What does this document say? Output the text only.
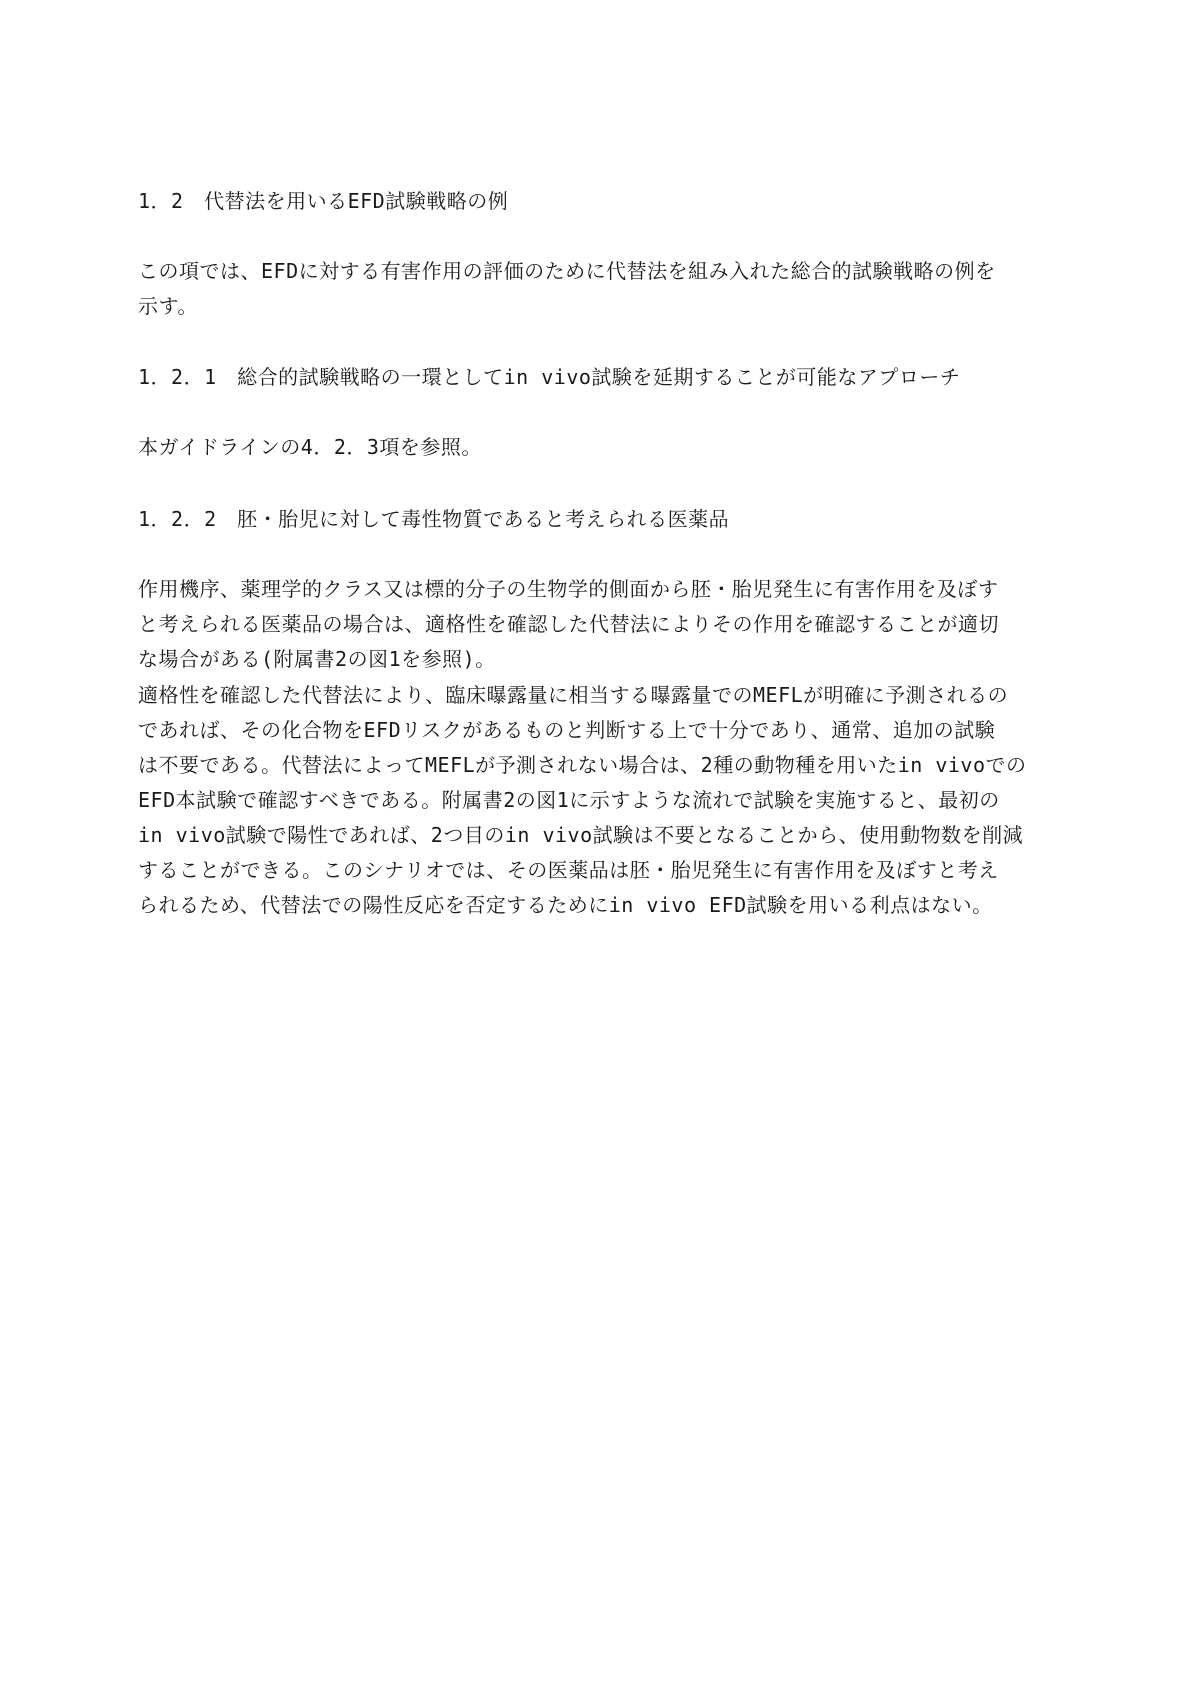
1．2　代替法を用いるEFD試験戦略の例
この項では、EFDに対する有害作用の評価のために代替法を組み入れた総合的試験戦略の例を
示す。
1．2．1　総合的試験戦略の一環としてin vivo試験を延期することが可能なアプローチ
本ガイドラインの4．2．3項を参照。
1．2．2　胚・胎児に対して毒性物質であると考えられる医薬品
作用機序、薬理学的クラス又は標的分子の生物学的側面から胚・胎児発生に有害作用を及ぼす
と考えられる医薬品の場合は、適格性を確認した代替法によりその作用を確認することが適切
な場合がある(附属書2の図1を参照)。
適格性を確認した代替法により、臨床曝露量に相当する曝露量でのMEFLが明確に予測されるの
であれば、その化合物をEFDリスクがあるものと判断する上で十分であり、通常、追加の試験
は不要である。代替法によってMEFLが予測されない場合は、2種の動物種を用いたin vivoでの
EFD本試験で確認すべきである。附属書2の図1に示すような流れで試験を実施すると、最初の
in vivo試験で陽性であれば、2つ目のin vivo試験は不要となることから、使用動物数を削減
することができる。このシナリオでは、その医薬品は胚・胎児発生に有害作用を及ぼすと考え
られるため、代替法での陽性反応を否定するためにin vivo EFD試験を用いる利点はない。
